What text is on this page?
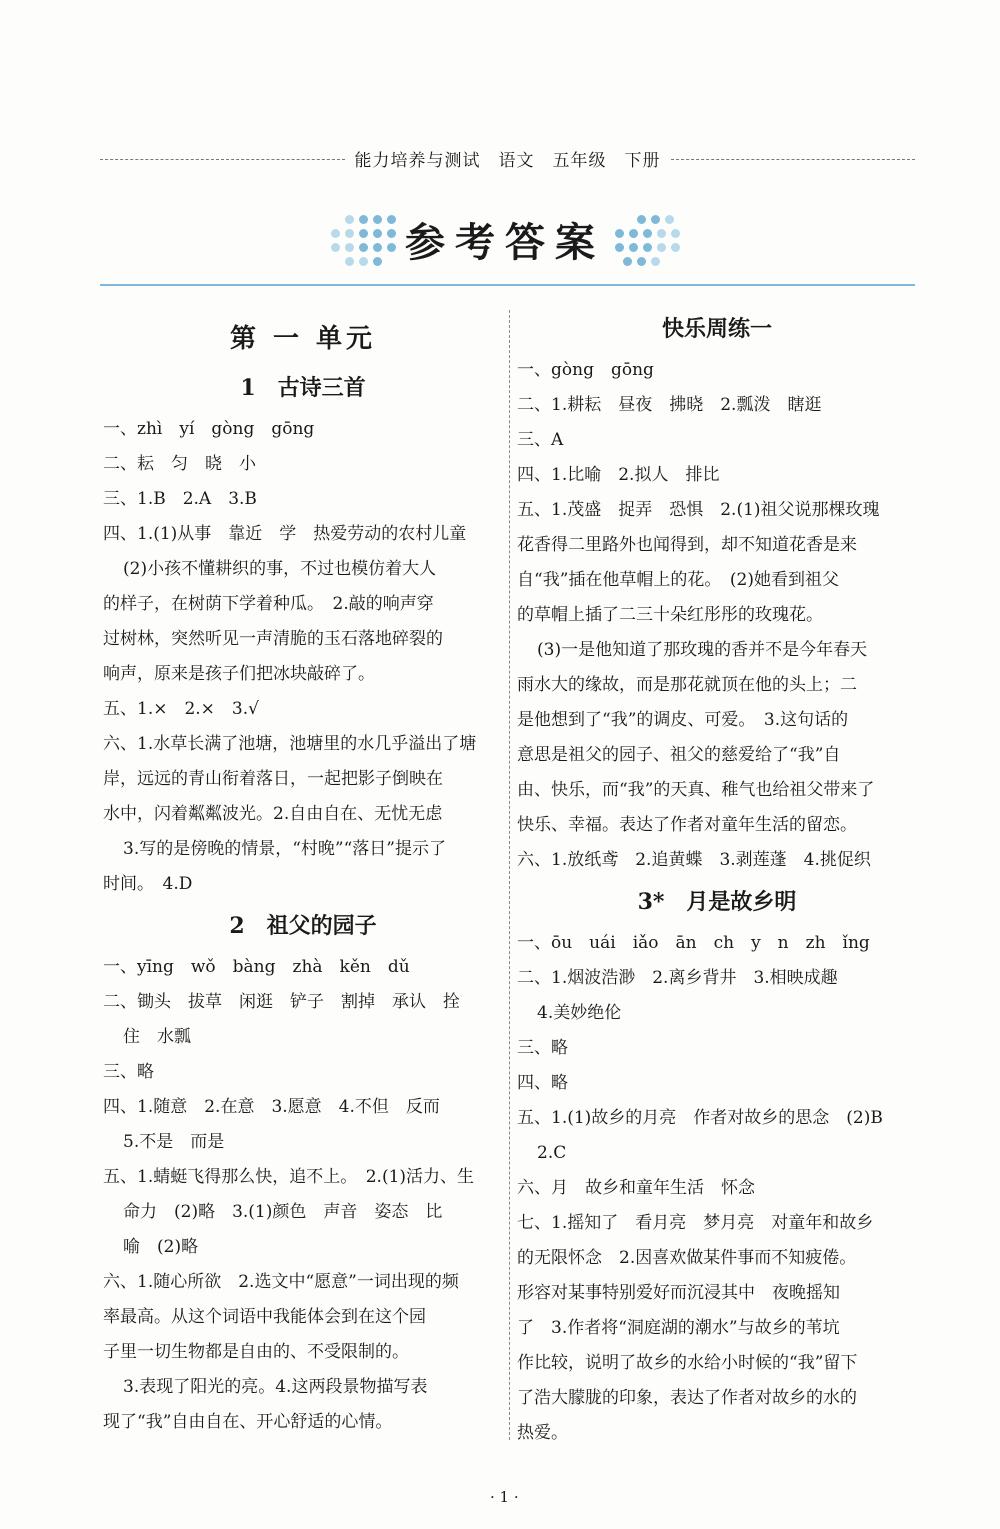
能力培养与测试　语文　五年级　下册
参考答案
第 一 单元
1　古诗三首
一、zhì　yí　gòng　gōng
二、耘　匀　晓　小
三、1.B　2.A　3.B
四、1.(1)从事　靠近　学　热爱劳动的农村儿童
(2)小孩不懂耕织的事，不过也模仿着大人
的样子，在树荫下学着种瓜。　2.敲的响声穿
过树林，突然听见一声清脆的玉石落地碎裂的
响声，原来是孩子们把冰块敲碎了。
五、1.×　2.×　3.√
六、1.水草长满了池塘，池塘里的水几乎溢出了塘
岸，远远的青山衔着落日，一起把影子倒映在
水中，闪着粼粼波光。2.自由自在、无忧无虑
3.写的是傍晚的情景，“村晚”“落日”提示了
时间。　4.D
2　祖父的园子
一、yīng　wǒ　bàng　zhà　kěn　dǔ
二、锄头　拔草　闲逛　铲子　割掉　承认　拴
住　水瓢
三、略
四、1.随意　2.在意　3.愿意　4.不但　反而
5.不是　而是
五、1.蜻蜓飞得那么快，追不上。　2.(1)活力、生
命力　(2)略　3.(1)颜色　声音　姿态　比
喻　(2)略
六、1.随心所欲　2.选文中“愿意”一词出现的频
率最高。从这个词语中我能体会到在这个园
子里一切生物都是自由的、不受限制的。
3.表现了阳光的亮。4.这两段景物描写表
现了“我”自由自在、开心舒适的心情。
快乐周练一
一、gòng　gōng
二、1.耕耘　昼夜　拂晓　2.瓢泼　瞎逛
三、A
四、1.比喻　2.拟人　排比
五、1.茂盛　捉弄　恐惧　2.(1)祖父说那棵玫瑰
花香得二里路外也闻得到，却不知道花香是来
自“我”插在他草帽上的花。　(2)她看到祖父
的草帽上插了二三十朵红彤彤的玫瑰花。
(3)一是他知道了那玫瑰的香并不是今年春天
雨水大的缘故，而是那花就顶在他的头上；二
是他想到了“我”的调皮、可爱。　3.这句话的
意思是祖父的园子、祖父的慈爱给了“我”自
由、快乐，而“我”的天真、稚气也给祖父带来了
快乐、幸福。表达了作者对童年生活的留恋。
六、1.放纸鸢　2.追黄蝶　3.剥莲蓬　4.挑促织
3*　月是故乡明
一、ōu　uái　iǎo　ān　ch　y　n　zh　ǐng
二、1.烟波浩渺　2.离乡背井　3.相映成趣
4.美妙绝伦
三、略
四、略
五、1.(1)故乡的月亮　作者对故乡的思念　(2)B
2.C
六、月　故乡和童年生活　怀念
七、1.摇知了　看月亮　梦月亮　对童年和故乡
的无限怀念　2.因喜欢做某件事而不知疲倦。
形容对某事特别爱好而沉浸其中　夜晚摇知
了　3.作者将“洞庭湖的潮水”与故乡的苇坑
作比较，说明了故乡的水给小时候的“我”留下
了浩大朦胧的印象，表达了作者对故乡的水的
热爱。
· 1 ·
